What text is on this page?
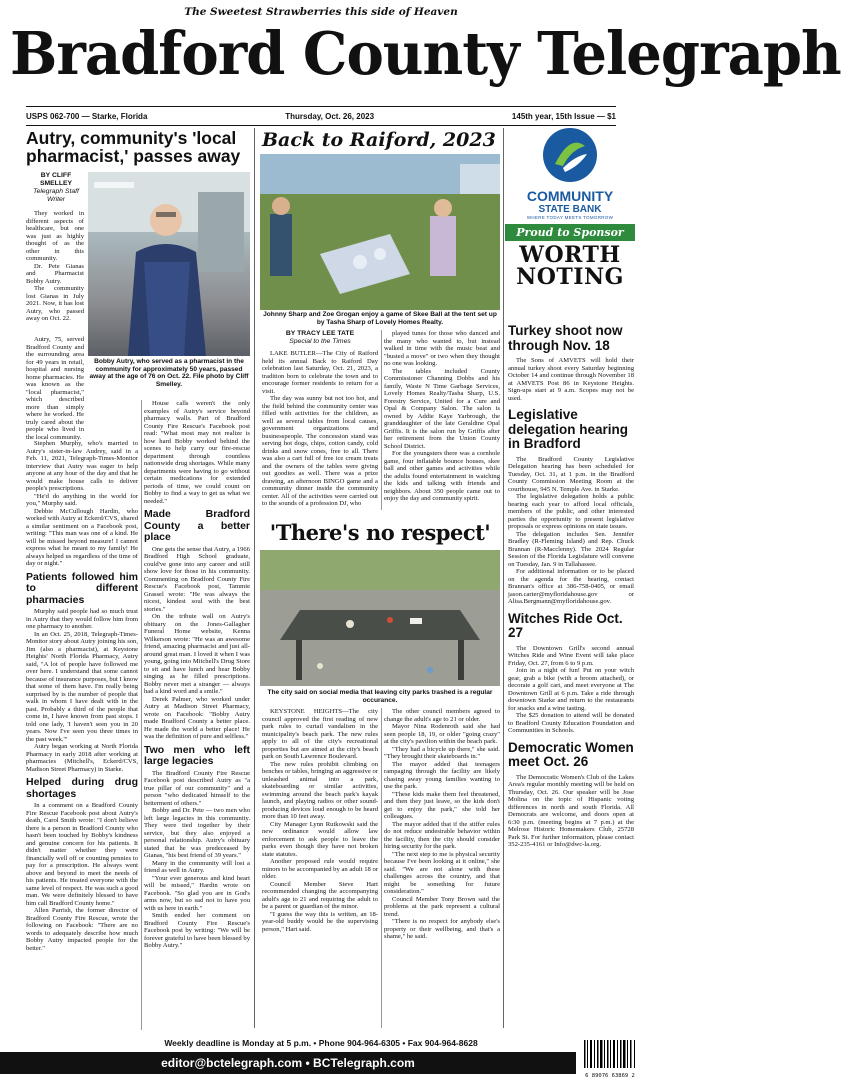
The Sweetest Strawberries this side of Heaven
Bradford County Telegraph
USPS 062-700 — Starke, Florida	Thursday, Oct. 26, 2023	145th year, 15th Issue — $1
Autry, community's 'local pharmacist,' passes away
BY CLIFF SMELLEY
Telegraph Staff Writer

They worked in different aspects of healthcare, but one was just as highly thought of as the other in this community.

Dr. Pete Gianas and Pharmacist Bobby Autry.

The community lost Gianas in July 2021. Now, it has lost Autry, who passed away on Oct. 22.

Bobby Autry, who served as a pharmacist in the community for approximately 50 years, passed away at the age of 76 on Oct. 22. File photo by Cliff Smelley.

Autry, 75, served Bradford County and the surrounding area for 49 years in retail, hospital and nursing home pharmacies. He was known as the "local pharmacist," which described more than simply where he worked. He truly cared about the people who lived in the local community.

Stephen Murphy, who's married to Autry's sister-in-law Audrey, said in a Feb. 11, 2021, Telegraph-Times-Monitor interview that Autry was eager to help anyone at any hour of the day and that he would make house calls to deliver people's prescriptions.

"He'd do anything in the world for you," Murphy said.

Debbie McCullough Hardin, who worked with Autry at Eckerd/CVS, shared a similar sentiment on a Facebook post, writing: "This man was one of a kind. He will be missed beyond measure! I cannot express what he meant to my family! He always helped us regardless of the time of day or night."

Patients followed him to different pharmacies

Murphy said people had so much trust in Autry that they would follow him from one pharmacy to another.

In an Oct. 25, 2018, Telegraph-Times-Monitor story about Autry joining his son, Jim (also a pharmacist), at Keystone Heights' North Florida Pharmacy, Autry said, "A lot of people have followed me over here. I understand that some cannot because of insurance purposes, but I know that some of them have. I'm really being surprised by is the number of people that walk in whom I have dealt with in the past. Probably a third of the people that come in, I have known from past stops. I told one lady, 'I haven't seen you in 20 years. Now I've seen you three times in the past week.'"

Autry began working at North Florida Pharmacy in early 2018 after working at pharmacies (Mitchell's, Eckerd/CVS, Madison Street Pharmacy) in Starke.

Helped during drug shortages

In a comment on a Bradford County Fire Rescue Facebook post about Autry's death, Carol Smith wrote: "I don't believe there is a person in Bradford County who hasn't been touched by Bobby's kindness and genuine concern for his patients. It didn't matter whether they were financially well off or counting pennies to pay for a prescription. He always went above and beyond to meet the needs of his patients. He treated everyone with the same level of respect. He was such a good man. We were definitely blessed to have him call Bradford County home."

Allen Parrish, the former director of Bradford County Fire Rescue, wrote the following on Facebook: "There are no words to adequately describe how much Bobby Autry impacted people for the better."

House calls weren't the only examples of Autry's service beyond pharmacy walls. Part of Bradford County Fire Rescue's Facebook post read: "What most may not realize is how hard Bobby worked behind the scenes to help carry our fire-rescue department through countless nationwide drug shortages. While many departments were having to go without certain medications for extended periods of time, we could count on Bobby to find a way to get us what we needed."

Made Bradford County a better place

One gets the sense that Autry, a 1966 Bradford High School graduate, could've gone into any career and still show love for those in his community. Commenting on Bradford County Fire Rescue's Facebook post, Tammie Grassel wrote: "He was always the nicest, kindest soul with the best stories."

On the tribute wall on Autry's obituary on the Jones-Gallagher Funeral Home website, Kenna Wilkerson wrote: "He was an awesome friend, amazing pharmacist and just all-around great man. I loved it when I was young, going into Mitchell's Drug Store to sit and have lunch and hear Bobby singing as he filled prescriptions. Bobby never met a stranger — always had a kind word and a smile."

Derek Palmer, who worked under Autry at Madison Street Pharmacy, wrote on Facebook: "Bobby Autry made Bradford County a better place. He made the world a better place! He was the definition of pure and selfless."

Two men who left large legacies

The Bradford County Fire Rescue Facebook post described Autry as "a true pillar of our community" and a person "who dedicated himself to the betterment of others."

Bobby and Dr. Pete — two men who left large legacies in this community. They were tied together by their service, but they also enjoyed a personal relationship. Autry's obituary stated that he was predeceased by Gianas, "his best friend of 39 years."

Many in the community will lost a friend as well in Autry.

"Your ever generous and kind heart will be missed," Hardin wrote on Facebook. "So glad you are in God's arms now, but so sad not to have you with us here in earth."

Smith ended her comment on Bradford County Fire Rescue's Facebook post by writing: "We will be forever grateful to have been blessed by Bobby Autry."

Back to Raiford, 2023
Johnny Sharp and Zoe Grogan enjoy a game of Skee Ball at the tent set up by Tasha Sharp of Lovely Homes Realty.
BY TRACY LEE TATE
Special to the Times

LAKE BUTLER—The City of Raiford held its annual Back to Raiford Day celebration last Saturday, Oct. 21, 2023, a tradition born to celebrate the town and to encourage former residents to return for a visit.

The day was sunny but not too hot, and the field behind the community center was filled with activities for the children, as well as several tables from local causes, government organizations and businesspeople. The concession stand was serving hot dogs, chips, cotton candy, cold drinks and snow cones, free to all. There was also a cart full of free ice cream treats and the owners of the tables were giving out goodies as well. There was a prize drawing, an afternoon BINGO game and a community dinner inside the community center. All of the activities were carried out to the sounds of a profession DJ, who

played tunes for those who danced and the many who wanted to, but instead walked in time with the music beat and "busted a move" or two when they thought no one was looking.

The tables included County Commissioner Channing Dobbs and his family, Waste N Time Garbage Services, Lovely Homes Realty/Tasha Sharp, U.S. Forestry Service, United for a Cure and Opal & Company Salon. The salon is owned by Addie Kaye Yarbrough, the granddaughter of the late Geraldine Opal Griffis. It is the salon run by Griffis after her retirement from the Union County School District.

For the youngsters there was a cornhole game, four inflatable bounce houses, skee ball and other games and activities while the adults found entertainment in watching the kids and talking with friends and neighbors. About 350 people came out to enjoy the day and community spirit.

'There's no respect'
The city said on social media that leaving city parks trashed is a regular occurance.

KEYSTONE HEIGHTS—The city council approved the first reading of new park rules to curtail vandalism in the municipality's beach park. The new rules apply to all of the city's recreational properties but are aimed at the city's beach park on South Lawrence Boulevard.

The new rules prohibit climbing on benches or tables, bringing an aggressive or unleashed animal into a park, skateboarding or similar activities, swimming around the beach park's kayak launch, and playing radios or other sound-producing devices loud enough to be heard more than 10 feet away.

City Manager Lynn Rutkowski said the new ordinance would allow law enforcement to ask people to leave the parks even though they have not broken state statutes.

Another proposed rule would require minors to be accompanied by an adult 18 or older.

Council Member Steve Hart recommended changing the accompanying adult's age to 21 and requiring the adult to be a parent or guardian of the minor.

"I guess the way this is written, an 18-year-old buddy would be the supervising person," Hart said.

The other council members agreed to change the adult's age to 21 or older.

Mayor Nina Rodenroth said she had seen people 18, 19, or older "going crazy" at the city's pavilion within the beach park.

"They had a bicycle up there," she said. "They brought their skateboards in."

The mayor added that teenagers rampaging through the facility are likely chasing away young families wanting to use the park.

"These kids make them feel threatened, and then they just leave, so the kids don't get to enjoy the park," she told her colleagues.

The mayor added that if the stiffer rules do not reduce undesirable behavior within the facility, then the city should consider hiring security for the park.

"The next step to me is physical security because I've been looking at it online," she said. "We are not alone with these challenges across the country, and that might be something for future consideration."

Council Member Tony Brown said the problems at the park represent a cultural trend.

"There is no respect for anybody else's property or their wellbeing, and that's a shame," he said.

COMMUNITY
STATE BANK
WHERE TODAY MEETS TOMORROW
Proud to Sponsor
WORTH
NOTING
Turkey shoot now through Nov. 18

The Sons of AMVETS will hold their annual turkey shoot every Saturday beginning October 14 and continue through November 18 at AMVETS Post 86 in Keystone Heights. Sign-ups start at 9 a.m. Scopes may not be used.

Legislative delegation hearing in Bradford

The Bradford County Legislative Delegation hearing has been scheduled for Tuesday, Oct. 31, at 1 p.m. in the Bradford County Commission Meeting Room at the courthouse, 945 N. Temple Ave. in Starke.

The legislative delegation holds a public hearing each year to afford local officials, members of the public, and other interested parties the opportunity to present legislative proposals or express opinions on state issues.

The delegation includes Sen. Jennifer Bradley (R-Fleming Island) and Rep. Chuck Brannan (R-Macclenny). The 2024 Regular Session of the Florida Legislature will convene on Tuesday, Jan. 9 in Tallahassee.

For additional information or to be placed on the agenda for the hearing, contact Brannan's office at 386-758-0405, or email jason.carter@myfloridahouse.gov or Alisa.Bergmann@myfloridahouse.gov.

Witches Ride Oct. 27

The Downtown Grill's second annual Witches Ride and Wine Event will take place Friday, Oct. 27, from 6 to 9 p.m.

Join in a night of fun! Put on your witch gear, grab a bike (with a broom attached), or decorate a golf cart, and meet everyone at The Downtown Grill at 6 p.m. Take a ride through downtown Starke and return to the restaurants for snacks and a wine tasting.

The $25 donation to attend will be donated to Bradford County Education Foundation and Communities in Schools.

Democratic Women meet Oct. 26

The Democratic Women's Club of the Lakes Area's regular monthly meeting will be held on Thursday, Oct. 26. Our speaker will be Jose Molina on the topic of Hispanic voting differences in north and south Florida. All Democrats are welcome, and doors open at 6:30 p.m. (meeting begins at 7 p.m.) at the Melrose Historic Homemakers Club, 25728 Park St. For further information, please contact 352-235-4161 or Info@dwc-la.org.

Weekly deadline is Monday at 5 p.m. • Phone 904-964-6305 • Fax 904-964-8628
editor@bctelegraph.com • BCTelegraph.com
6 89076 63869 2
